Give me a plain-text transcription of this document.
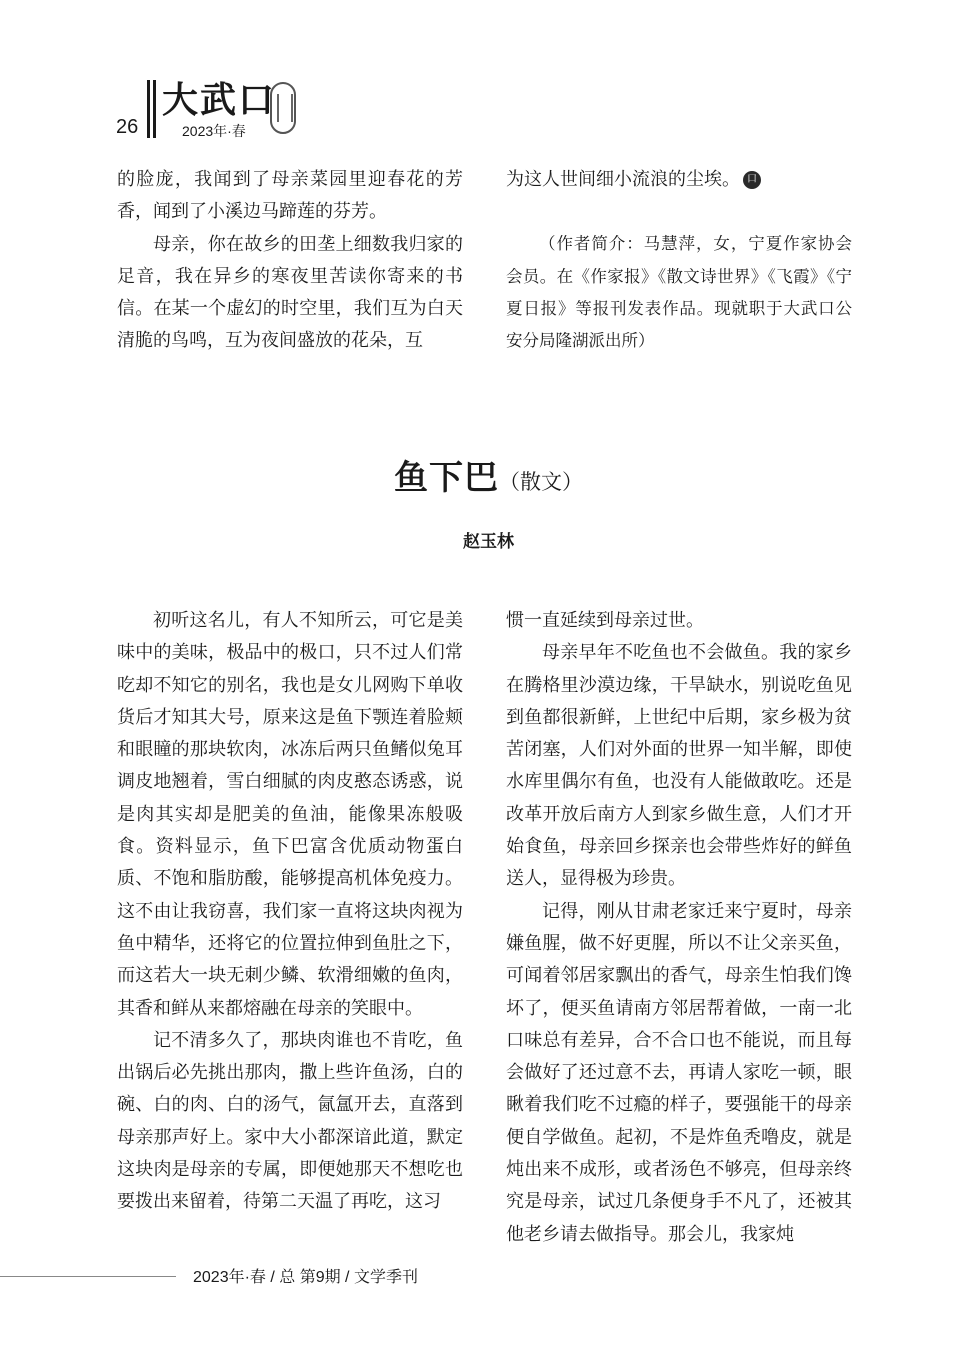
26
大武口
2023年·春

的脸庞，我闻到了母亲菜园里迎春花的芳香，闻到了小溪边马蹄莲的芬芳。

母亲，你在故乡的田垄上细数我归家的足音，我在异乡的寒夜里苦读你寄来的书信。在某一个虚幻的时空里，我们互为白天清脆的鸟鸣，互为夜间盛放的花朵，互

为这人世间细小流浪的尘埃。 口

（作者简介：马慧萍，女，宁夏作家协会会员。在《作家报》《散文诗世界》《飞霞》《宁夏日报》等报刊发表作品。现就职于大武口公安分局隆湖派出所）

鱼下巴（散文）
赵玉林

初听这名儿，有人不知所云，可它是美味中的美味，极品中的极口，只不过人们常吃却不知它的别名，我也是女儿网购下单收货后才知其大号，原来这是鱼下颚连着脸颊和眼瞳的那块软肉，冰冻后两只鱼鳍似兔耳调皮地翘着，雪白细腻的肉皮憨态诱惑，说是肉其实却是肥美的鱼油，能像果冻般吸食。资料显示，鱼下巴富含优质动物蛋白质、不饱和脂肪酸，能够提高机体免疫力。这不由让我窃喜，我们家一直将这块肉视为鱼中精华，还将它的位置拉伸到鱼肚之下，而这若大一块无刺少鳞、软滑细嫩的鱼肉，其香和鲜从来都熔融在母亲的笑眼中。

记不清多久了，那块肉谁也不肯吃，鱼出锅后必先挑出那肉，撒上些许鱼汤，白的碗、白的肉、白的汤气，氤氲开去，直落到母亲那声好上。家中大小都深谙此道，默定这块肉是母亲的专属，即便她那天不想吃也要拨出来留着，待第二天温了再吃，这习

惯一直延续到母亲过世。

母亲早年不吃鱼也不会做鱼。我的家乡在腾格里沙漠边缘，干旱缺水，别说吃鱼见到鱼都很新鲜，上世纪中后期，家乡极为贫苦闭塞，人们对外面的世界一知半解，即使水库里偶尔有鱼，也没有人能做敢吃。还是改革开放后南方人到家乡做生意，人们才开始食鱼，母亲回乡探亲也会带些炸好的鲜鱼送人，显得极为珍贵。

记得，刚从甘肃老家迁来宁夏时，母亲嫌鱼腥，做不好更腥，所以不让父亲买鱼，可闻着邻居家飘出的香气，母亲生怕我们馋坏了，便买鱼请南方邻居帮着做，一南一北口味总有差异，合不合口也不能说，而且每会做好了还过意不去，再请人家吃一顿，眼瞅着我们吃不过瘾的样子，要强能干的母亲便自学做鱼。起初，不是炸鱼秃噜皮，就是炖出来不成形，或者汤色不够亮，但母亲终究是母亲，试过几条便身手不凡了，还被其他老乡请去做指导。那会儿，我家炖

2023年·春 / 总 第9期 / 文学季刊
